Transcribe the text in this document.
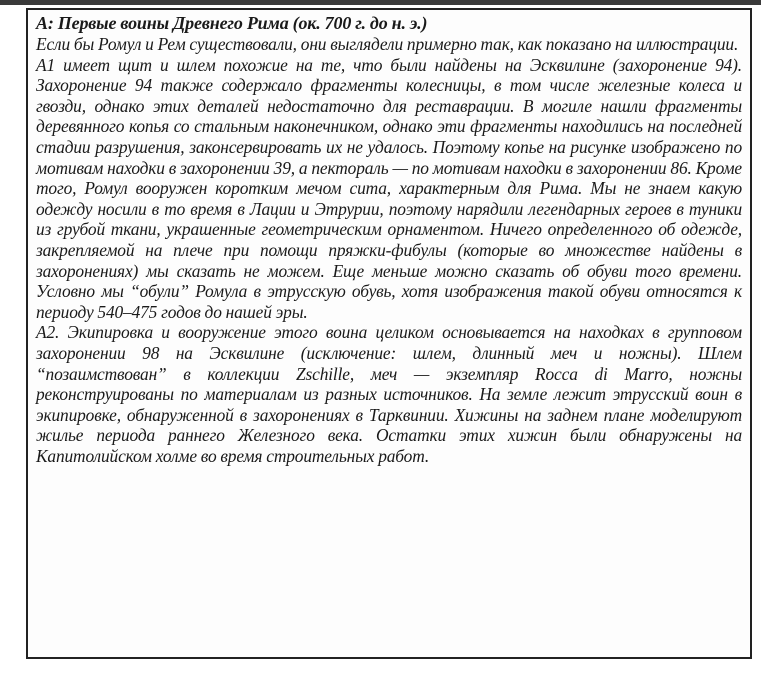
A: Первые воины Древнего Рима (ок. 700 г. до н. э.)

Если бы Ромул и Рем существовали, они выглядели примерно так, как показано на иллюстрации.

A1 имеет щит и шлем похожие на те, что были найдены на Эсквилине (захоронение 94). Захоронение 94 также содержало фрагменты колесницы, в том числе железные колеса и гвозди, однако этих деталей недостаточно для реставрации. В могиле нашли фрагменты деревянного копья со стальным наконечником, однако эти фрагменты находились на последней стадии разрушения, законсервировать их не удалось. Поэтому копье на рисунке изображено по мотивам находки в захоронении 39, а пектораль — по мотивам находки в захоронении 86. Кроме того, Ромул вооружен коротким мечом сита, характерным для Рима. Мы не знаем какую одежду носили в то время в Лации и Этрурии, поэтому нарядили легендарных героев в туники из грубой ткани, украшенные геометрическим орнаментом. Ничего определенного об одежде, закрепляемой на плече при помощи пряжки-фибулы (которые во множестве найдены в захоронениях) мы сказать не можем. Еще меньше можно сказать об обуви того времени. Условно мы “обули” Ромула в этрусскую обувь, хотя изображения такой обуви относятся к периоду 540–475 годов до нашей эры.

A2. Экипировка и вооружение этого воина целиком основывается на находках в групповом захоронении 98 на Эсквилине (исключение: шлем, длинный меч и ножны). Шлем “позаимствован” в коллекции Zschille, меч — экземпляр Rocca di Marro, ножны реконструированы по материалам из разных источников. На земле лежит этрусский воин в экипировке, обнаруженной в захоронениях в Тарквинии. Хижины на заднем плане моделируют жилье периода раннего Железного века. Остатки этих хижин были обнаружены на Капитолийском холме во время строительных работ.
